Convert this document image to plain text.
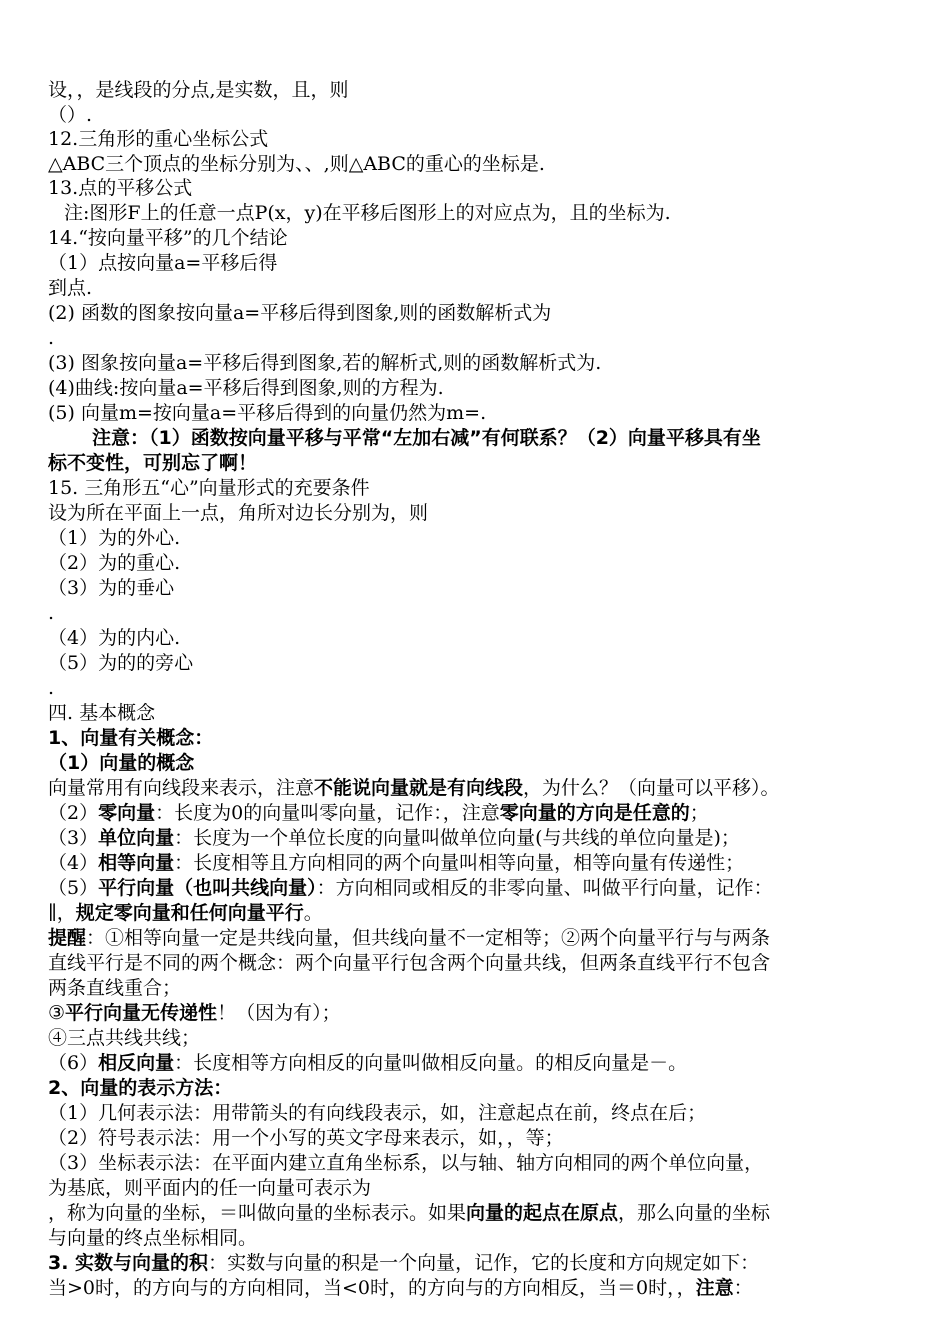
设，，是线段的分点,是实数，且，则
（）.
12.三角形的重心坐标公式
△ABC三个顶点的坐标分别为、、,则△ABC的重心的坐标是.
13.点的平移公式
注:图形F上的任意一点P(x，y)在平移后图形上的对应点为，且的坐标为.
14.“按向量平移”的几个结论
（1）点按向量a=平移后得
到点.
(2) 函数的图象按向量a=平移后得到图象,则的函数解析式为
.
(3) 图象按向量a=平移后得到图象,若的解析式,则的函数解析式为.
(4)曲线:按向量a=平移后得到图象,则的方程为.
(5) 向量m=按向量a=平移后得到的向量仍然为m=.
注意：（1）函数按向量平移与平常“左加右减”有何联系？（2）向量平移具有坐
标不变性，可别忘了啊！
15. 三角形五“心”向量形式的充要条件
设为所在平面上一点，角所对边长分别为，则
（1）为的外心.
（2）为的重心.
（3）为的垂心
.
（4）为的内心.
（5）为的的旁心
.
四. 基本概念
1、向量有关概念：
（1）向量的概念
向量常用有向线段来表示，注意不能说向量就是有向线段，为什么？（向量可以平移）。
（2）零向量：长度为0的向量叫零向量，记作：，注意零向量的方向是任意的；
（3）单位向量：长度为一个单位长度的向量叫做单位向量(与共线的单位向量是)；
（4）相等向量：长度相等且方向相同的两个向量叫相等向量，相等向量有传递性；
（5）平行向量（也叫共线向量）：方向相同或相反的非零向量、叫做平行向量，记作：
∥，规定零向量和任何向量平行。
提醒：①相等向量一定是共线向量，但共线向量不一定相等；②两个向量平行与与两条
直线平行是不同的两个概念：两个向量平行包含两个向量共线，但两条直线平行不包含
两条直线重合；
③平行向量无传递性！（因为有）；
④三点共线共线；
（6）相反向量：长度相等方向相反的向量叫做相反向量。的相反向量是－。
2、向量的表示方法：
（1）几何表示法：用带箭头的有向线段表示，如，注意起点在前，终点在后；
（2）符号表示法：用一个小写的英文字母来表示，如，，等；
（3）坐标表示法：在平面内建立直角坐标系，以与轴、轴方向相同的两个单位向量，
为基底，则平面内的任一向量可表示为
，称为向量的坐标，＝叫做向量的坐标表示。如果向量的起点在原点，那么向量的坐标
与向量的终点坐标相同。
3. 实数与向量的积：实数与向量的积是一个向量，记作，它的长度和方向规定如下：
当>0时，的方向与的方向相同，当<0时，的方向与的方向相反，当＝0时，，注意：
